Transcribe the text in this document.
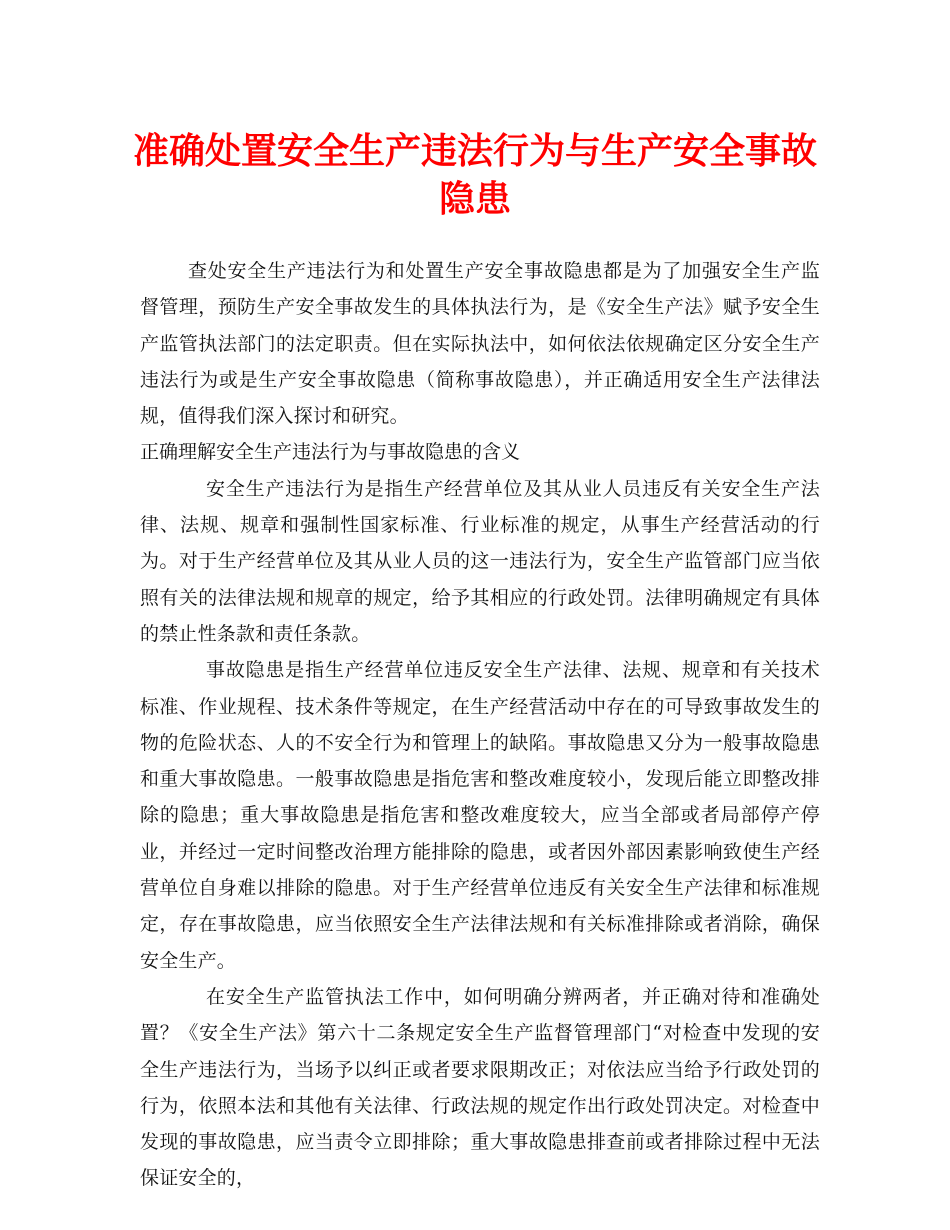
准确处置安全生产违法行为与生产安全事故隐患

查处安全生产违法行为和处置生产安全事故隐患都是为了加强安全生产监督管理，预防生产安全事故发生的具体执法行为，是《安全生产法》赋予安全生产监管执法部门的法定职责。但在实际执法中，如何依法依规确定区分安全生产违法行为或是生产安全事故隐患（简称事故隐患），并正确适用安全生产法律法规，值得我们深入探讨和研究。

正确理解安全生产违法行为与事故隐患的含义

安全生产违法行为是指生产经营单位及其从业人员违反有关安全生产法律、法规、规章和强制性国家标准、行业标准的规定，从事生产经营活动的行为。对于生产经营单位及其从业人员的这一违法行为，安全生产监管部门应当依照有关的法律法规和规章的规定，给予其相应的行政处罚。法律明确规定有具体的禁止性条款和责任条款。

事故隐患是指生产经营单位违反安全生产法律、法规、规章和有关技术标准、作业规程、技术条件等规定，在生产经营活动中存在的可导致事故发生的物的危险状态、人的不安全行为和管理上的缺陷。事故隐患又分为一般事故隐患和重大事故隐患。一般事故隐患是指危害和整改难度较小，发现后能立即整改排除的隐患；重大事故隐患是指危害和整改难度较大，应当全部或者局部停产停业，并经过一定时间整改治理方能排除的隐患，或者因外部因素影响致使生产经营单位自身难以排除的隐患。对于生产经营单位违反有关安全生产法律和标准规定，存在事故隐患，应当依照安全生产法律法规和有关标准排除或者消除，确保安全生产。

在安全生产监管执法工作中，如何明确分辨两者，并正确对待和准确处置？《安全生产法》第六十二条规定安全生产监督管理部门“对检查中发现的安全生产违法行为，当场予以纠正或者要求限期改正；对依法应当给予行政处罚的行为，依照本法和其他有关法律、行政法规的规定作出行政处罚决定。对检查中发现的事故隐患，应当责令立即排除；重大事故隐患排查前或者排除过程中无法保证安全的，
